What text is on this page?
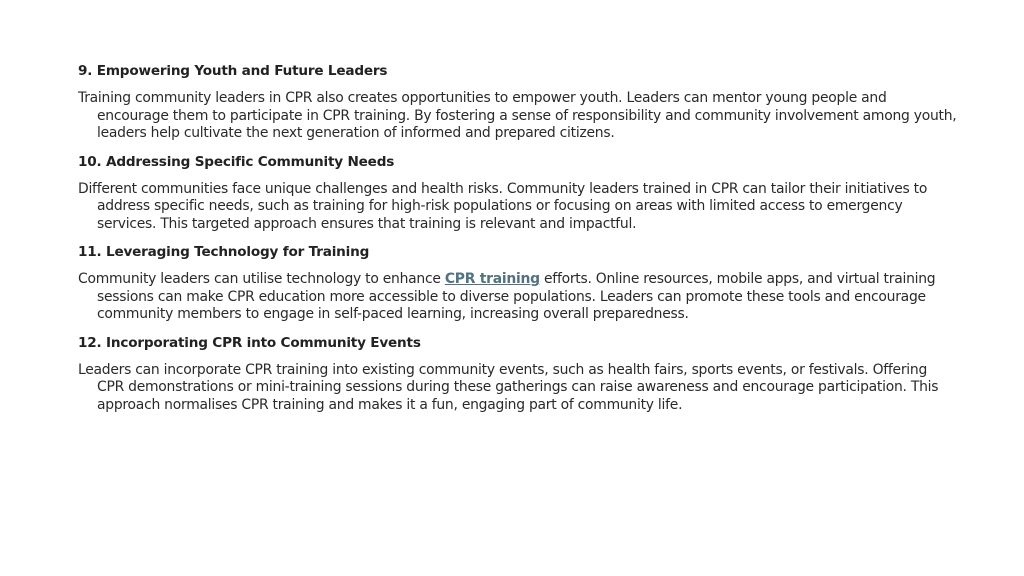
9. Empowering Youth and Future Leaders
Training community leaders in CPR also creates opportunities to empower youth. Leaders can mentor young people and encourage them to participate in CPR training. By fostering a sense of responsibility and community involvement among youth, leaders help cultivate the next generation of informed and prepared citizens.
10. Addressing Specific Community Needs
Different communities face unique challenges and health risks. Community leaders trained in CPR can tailor their initiatives to address specific needs, such as training for high-risk populations or focusing on areas with limited access to emergency services. This targeted approach ensures that training is relevant and impactful.
11. Leveraging Technology for Training
Community leaders can utilise technology to enhance CPR training efforts. Online resources, mobile apps, and virtual training sessions can make CPR education more accessible to diverse populations. Leaders can promote these tools and encourage community members to engage in self-paced learning, increasing overall preparedness.
12. Incorporating CPR into Community Events
Leaders can incorporate CPR training into existing community events, such as health fairs, sports events, or festivals. Offering CPR demonstrations or mini-training sessions during these gatherings can raise awareness and encourage participation. This approach normalises CPR training and makes it a fun, engaging part of community life.
